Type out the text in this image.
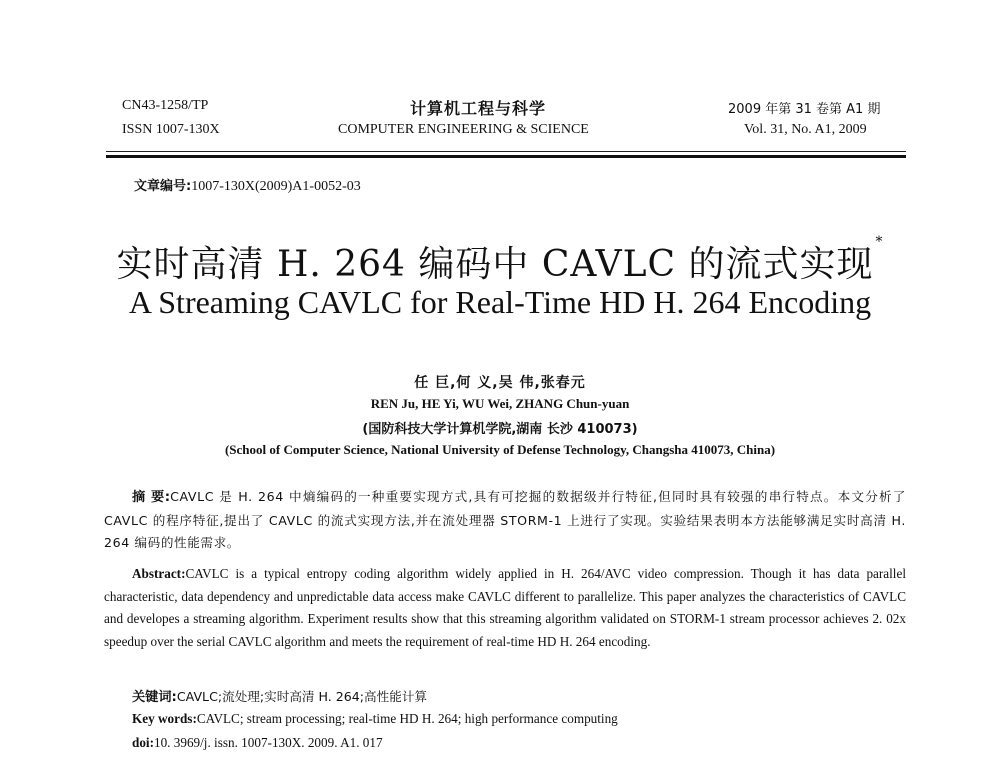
CN43-1258/TP
ISSN 1007-130X
计算机工程与科学
COMPUTER ENGINEERING & SCIENCE
2009 年第 31 卷第 A1 期
Vol. 31, No. A1, 2009
文章编号:1007-130X(2009)A1-0052-03
实时高清 H. 264 编码中 CAVLC 的流式实现*
A Streaming CAVLC for Real-Time HD H. 264 Encoding
任 巨,何 义,吴 伟,张春元
REN Ju, HE Yi, WU Wei, ZHANG Chun-yuan
(国防科技大学计算机学院,湖南 长沙 410073)
(School of Computer Science, National University of Defense Technology, Changsha 410073, China)
摘 要:CAVLC 是 H. 264 中熵编码的一种重要实现方式,具有可挖掘的数据级并行特征,但同时具有较强的串行特点。本文分析了 CAVLC 的程序特征,提出了 CAVLC 的流式实现方法,并在流处理器 STORM-1 上进行了实现。实验结果表明本方法能够满足实时高清 H. 264 编码的性能需求。
Abstract:CAVLC is a typical entropy coding algorithm widely applied in H. 264/AVC video compression. Though it has data parallel characteristic, data dependency and unpredictable data access make CAVLC different to parallelize. This paper analyzes the characteristics of CAVLC and developes a streaming algorithm. Experiment results show that this streaming algorithm validated on STORM-1 stream processor achieves 2. 02x speedup over the serial CAVLC algorithm and meets the requirement of real-time HD H. 264 encoding.
关键词:CAVLC;流处理;实时高清 H. 264;高性能计算
Key words:CAVLC; stream processing; real-time HD H. 264; high performance computing
doi:10. 3969/j. issn. 1007-130X. 2009. A1. 017
